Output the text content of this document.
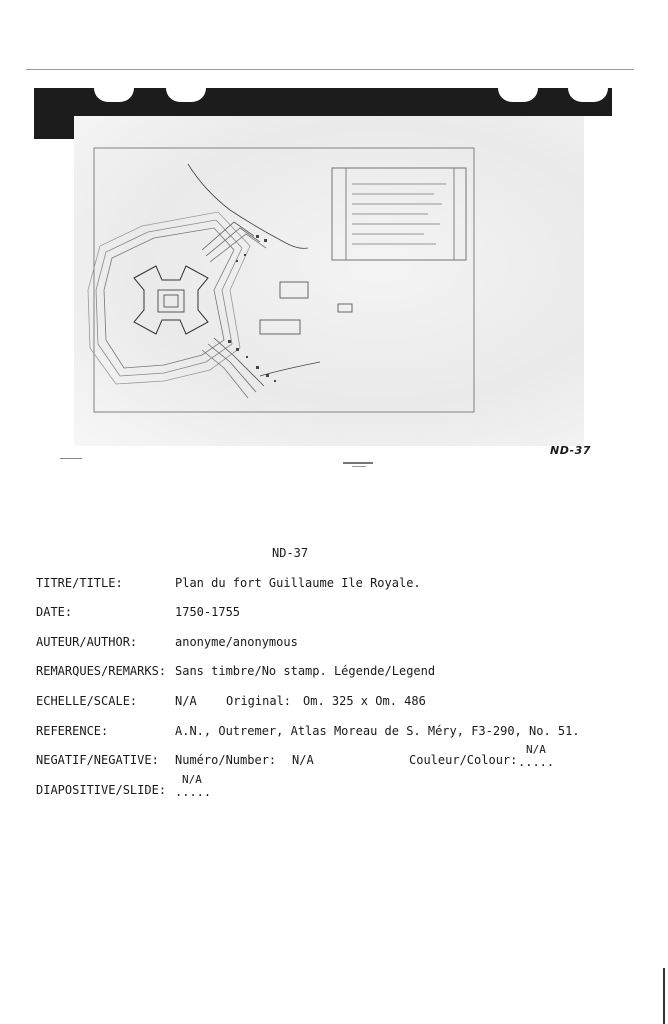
ND-37
ND-37
TITRE/TITLE:	Plan du fort Guillaume Ile Royale.
DATE:	1750-1755
AUTEUR/AUTHOR:	anonyme/anonymous
REMARQUES/REMARKS: Sans timbre/No stamp. Légende/Legend
ECHELLE/SCALE:	N/A Original: Om. 325 x Om. 486
REFERENCE:	A.N., Outremer, Atlas Moreau de S. Méry, F3-290, No. 51.
NEGATIF/NEGATIVE: Numéro/Number: N/A	Couleur/Colour:
N/A
.....
DIAPOSITIVE/SLIDE:
N/A
.....
